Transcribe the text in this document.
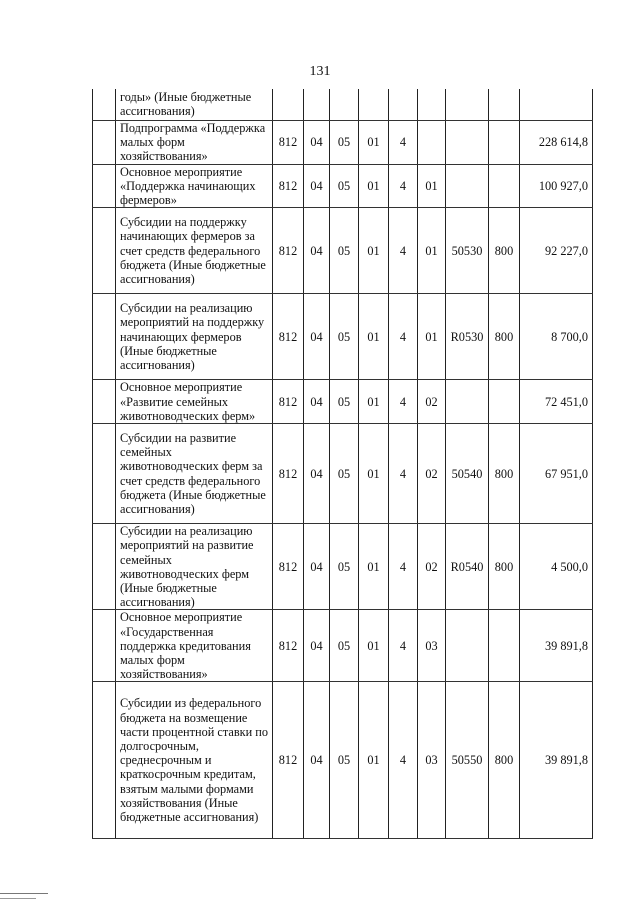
131
	годы» (Иные бюджетные ассигнования)									
	Подпрограмма «Поддержка малых форм хозяйствования»	812	04	05	01	4				228 614,8
	Основное мероприятие «Поддержка начинающих фермеров»	812	04	05	01	4	01			100 927,0
	Субсидии на поддержку начинающих фермеров за счет средств федерального бюджета (Иные бюджетные ассигнования)	812	04	05	01	4	01	50530	800	92 227,0
	Субсидии на реализацию мероприятий на поддержку начинающих фермеров (Иные бюджетные ассигнования)	812	04	05	01	4	01	R0530	800	8 700,0
	Основное мероприятие «Развитие семейных животноводческих ферм»	812	04	05	01	4	02			72 451,0
	Субсидии на развитие семейных животноводческих ферм за счет средств федерального бюджета (Иные бюджетные ассигнования)	812	04	05	01	4	02	50540	800	67 951,0
	Субсидии на реализацию мероприятий на развитие семейных животноводческих ферм (Иные бюджетные ассигнования)	812	04	05	01	4	02	R0540	800	4 500,0
	Основное мероприятие «Государственная поддержка кредитования малых форм хозяйствования»	812	04	05	01	4	03			39 891,8
	Субсидии из федерального бюджета на возмещение части процентной ставки по долгосрочным, среднесрочным и краткосрочным кредитам, взятым малыми формами хозяйствования (Иные бюджетные ассигнования)	812	04	05	01	4	03	50550	800	39 891,8
